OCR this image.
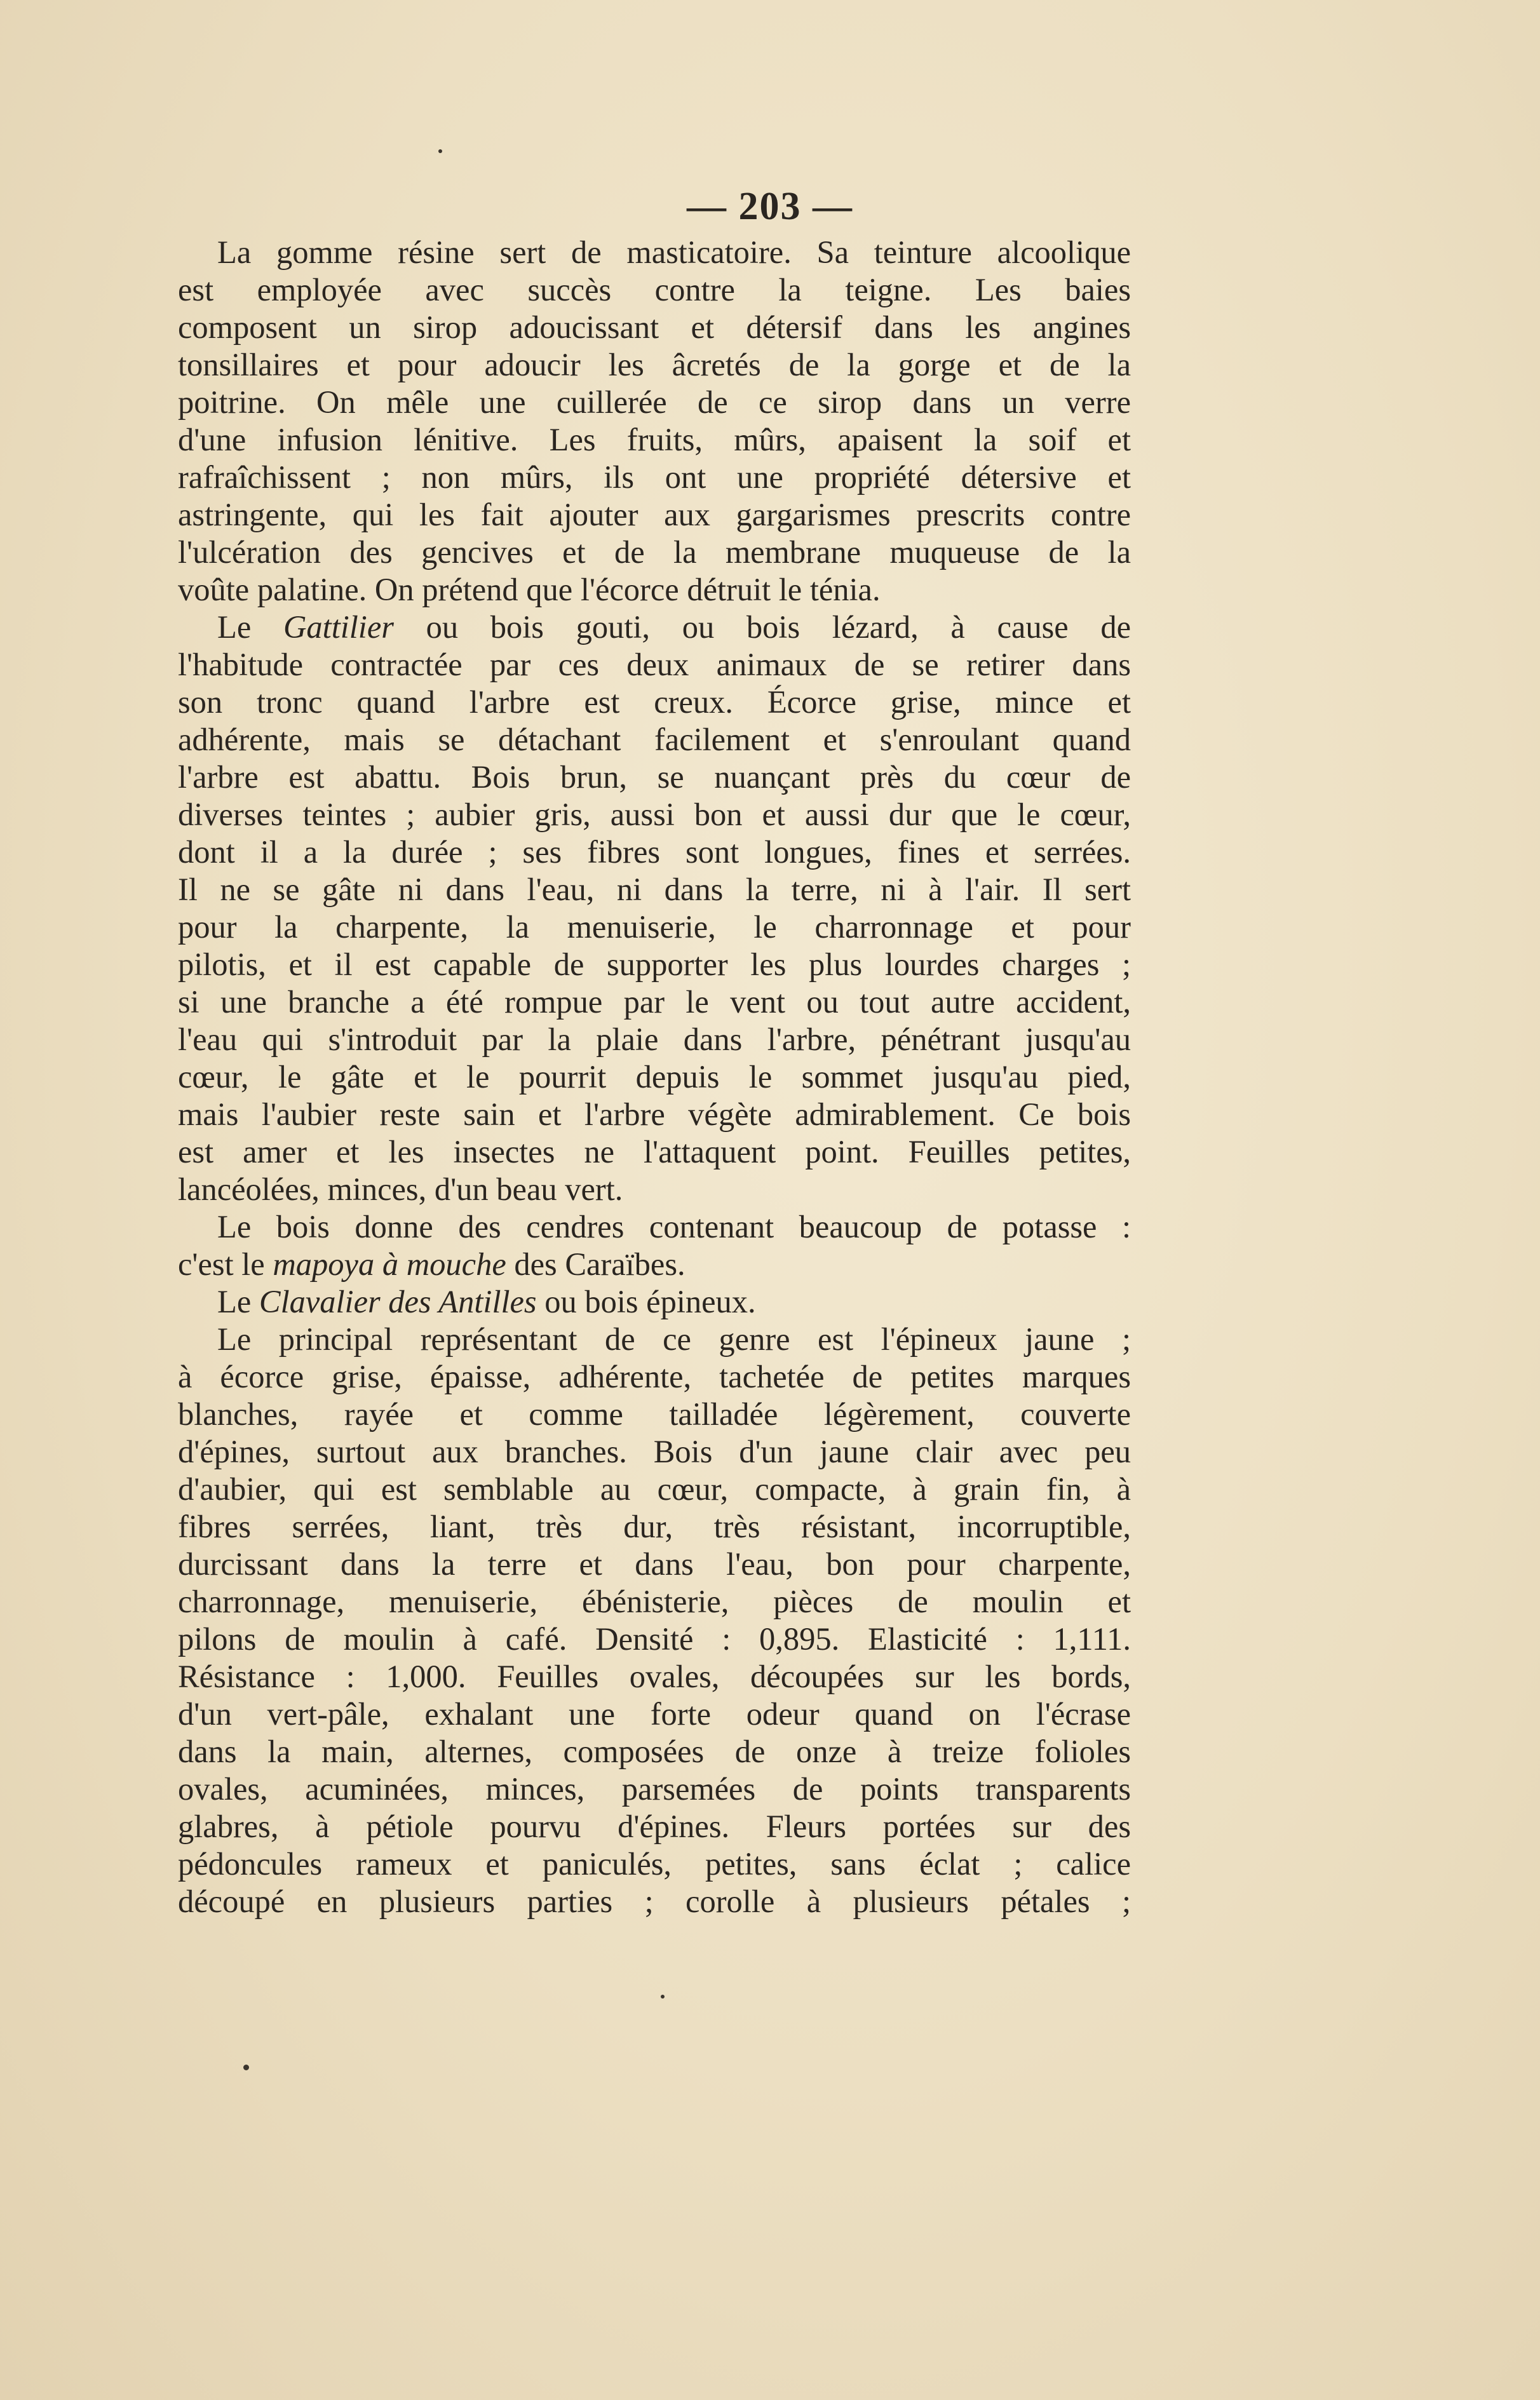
— 203 —
La gomme résine sert de masticatoire. Sa teinture alcoolique
est employée avec succès contre la teigne. Les baies
composent un sirop adoucissant et détersif dans les angines
tonsillaires et pour adoucir les âcretés de la gorge et de la
poitrine. On mêle une cuillerée de ce sirop dans un verre
d'une infusion lénitive. Les fruits, mûrs, apaisent la soif et
rafraîchissent ; non mûrs, ils ont une propriété détersive et
astringente, qui les fait ajouter aux gargarismes prescrits contre
l'ulcération des gencives et de la membrane muqueuse de la
voûte palatine. On prétend que l'écorce détruit le ténia.
Le Gattilier ou bois gouti, ou bois lézard, à cause de
l'habitude contractée par ces deux animaux de se retirer dans
son tronc quand l'arbre est creux. Écorce grise, mince et
adhérente, mais se détachant facilement et s'enroulant quand
l'arbre est abattu. Bois brun, se nuançant près du cœur de
diverses teintes ; aubier gris, aussi bon et aussi dur que le cœur,
dont il a la durée ; ses fibres sont longues, fines et serrées.
Il ne se gâte ni dans l'eau, ni dans la terre, ni à l'air. Il sert
pour la charpente, la menuiserie, le charronnage et pour
pilotis, et il est capable de supporter les plus lourdes charges ;
si une branche a été rompue par le vent ou tout autre accident,
l'eau qui s'introduit par la plaie dans l'arbre, pénétrant jusqu'au
cœur, le gâte et le pourrit depuis le sommet jusqu'au pied,
mais l'aubier reste sain et l'arbre végète admirablement. Ce bois
est amer et les insectes ne l'attaquent point. Feuilles petites,
lancéolées, minces, d'un beau vert.
Le bois donne des cendres contenant beaucoup de potasse :
c'est le mapoya à mouche des Caraïbes.
Le Clavalier des Antilles ou bois épineux.
Le principal représentant de ce genre est l'épineux jaune ;
à écorce grise, épaisse, adhérente, tachetée de petites marques
blanches, rayée et comme tailladée légèrement, couverte
d'épines, surtout aux branches. Bois d'un jaune clair avec peu
d'aubier, qui est semblable au cœur, compacte, à grain fin, à
fibres serrées, liant, très dur, très résistant, incorruptible,
durcissant dans la terre et dans l'eau, bon pour charpente,
charronnage, menuiserie, ébénisterie, pièces de moulin et
pilons de moulin à café. Densité : 0,895. Elasticité : 1,111.
Résistance : 1,000. Feuilles ovales, découpées sur les bords,
d'un vert-pâle, exhalant une forte odeur quand on l'écrase
dans la main, alternes, composées de onze à treize folioles
ovales, acuminées, minces, parsemées de points transparents
glabres, à pétiole pourvu d'épines. Fleurs portées sur des
pédoncules rameux et paniculés, petites, sans éclat ; calice
découpé en plusieurs parties ; corolle à plusieurs pétales ;
